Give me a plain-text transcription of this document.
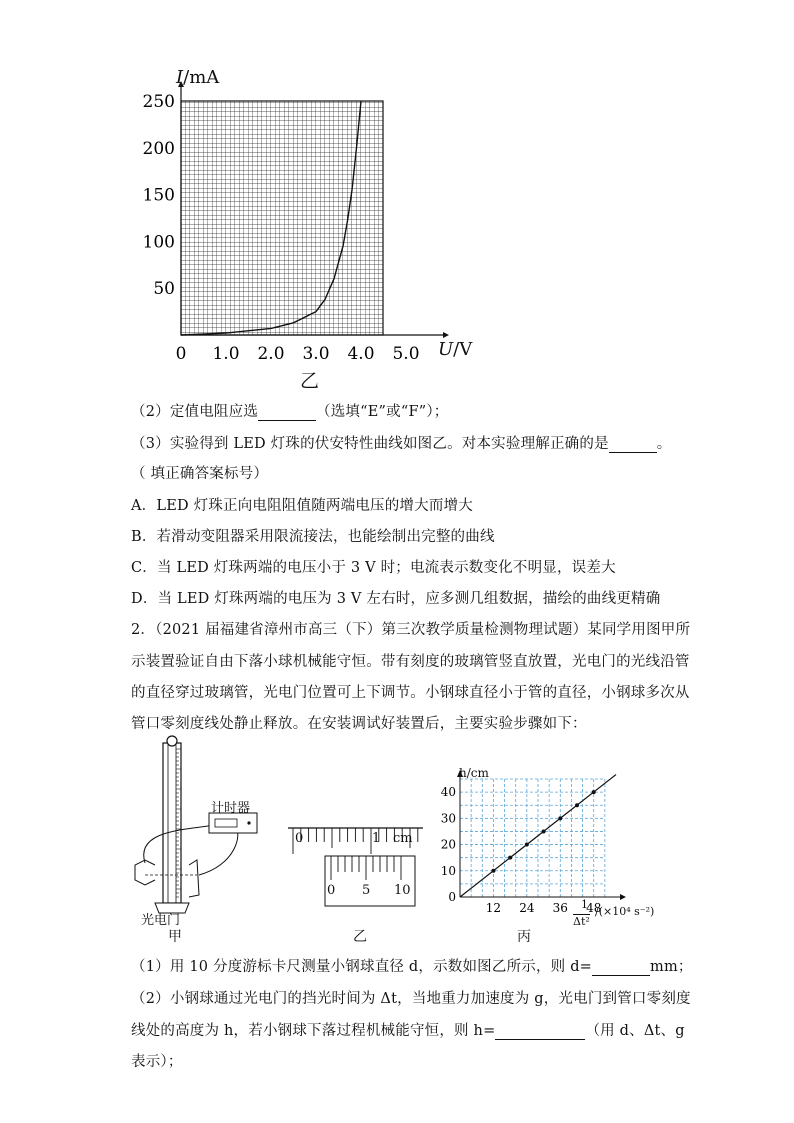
0 1.0 2.0 3.0 4.0 5.0
50
100
150
200
250
I/mA
U/V
乙
（2）定值电阻应选	（选填“E”或“F”）；
（3）实验得到 LED 灯珠的伏安特性曲线如图乙。对本实验理解正确的是	。
（ 填正确答案标号）
A．LED 灯珠正向电阻阻值随两端电压的增大而增大
B．若滑动变阻器采用限流接法，也能绘制出完整的曲线
C．当 LED 灯珠两端的电压小于 3 V 时；电流表示数变化不明显，误差大
D．当 LED 灯珠两端的电压为 3 V 左右时，应多测几组数据，描绘的曲线更精确
2．（2021 届福建省漳州市高三（下）第三次教学质量检测物理试题）某同学用图甲所
示装置验证自由下落小球机械能守恒。带有刻度的玻璃管竖直放置，光电门的光线沿管
的直径穿过玻璃管，光电门位置可上下调节。小钢球直径小于管的直径，小钢球多次从
管口零刻度线处静止释放。在安装调试好装置后，主要实验步骤如下：
计时器
光电门
甲
0	1 cm
0 5 10
乙
12 24 36 48
0
10
20
30
40
h/cm
1
Δt²
/(×10⁴ s⁻²)
丙
（1）用 10 分度游标卡尺测量小钢球直径 d，示数如图乙所示，则 d=	mm；
（2）小钢球通过光电门的挡光时间为 Δt，当地重力加速度为 g，光电门到管口零刻度
线处的高度为 h，若小钢球下落过程机械能守恒，则 h=	（用 d、Δt、g
表示）；
